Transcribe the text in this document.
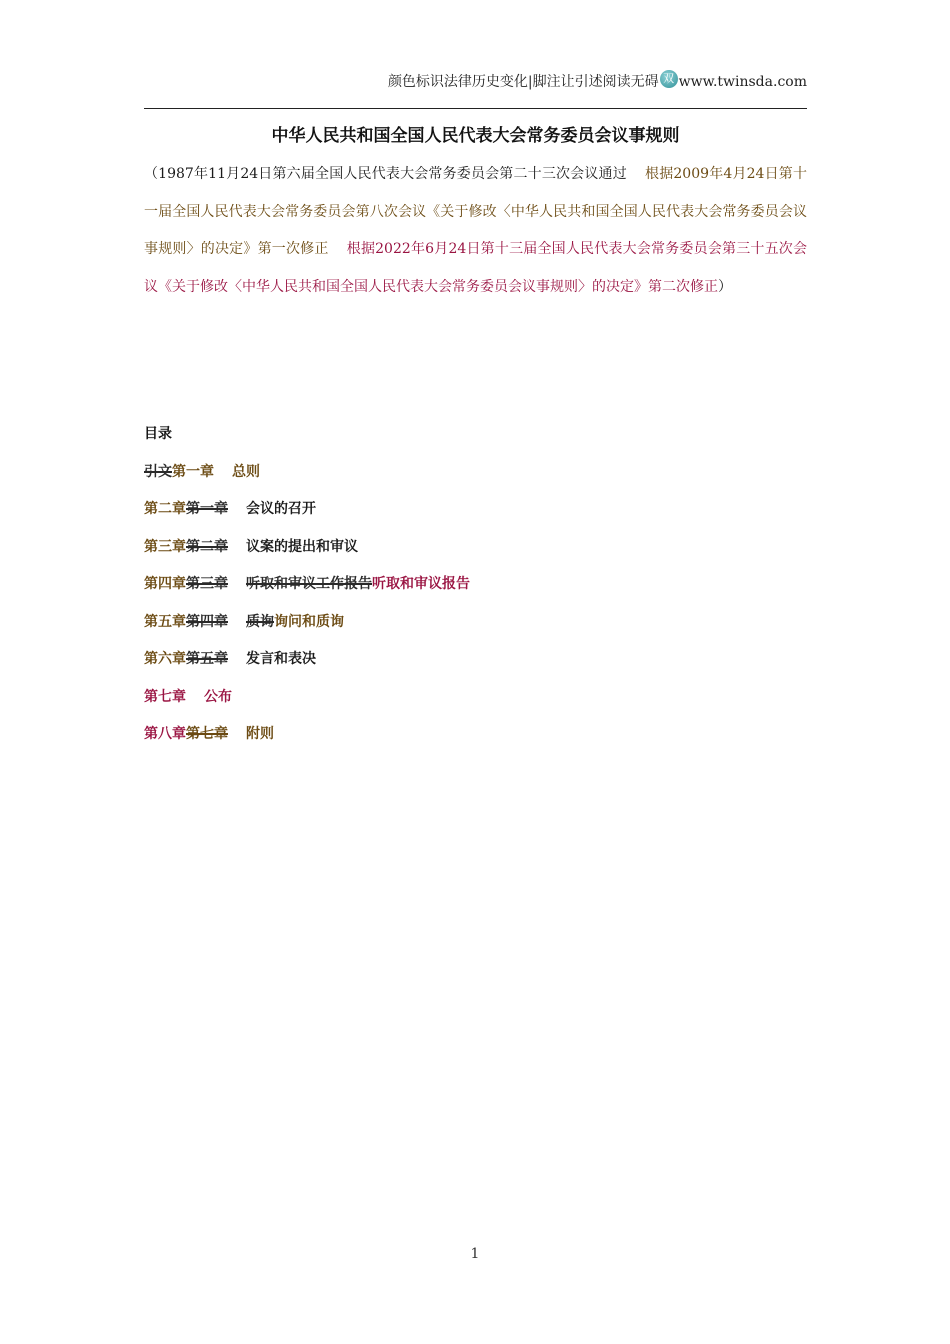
颜色标识法律历史变化|脚注让引述阅读无碍 双 www.twinsda.com
中华人民共和国全国人民代表大会常务委员会议事规则
（1987年11月24日第六届全国人民代表大会常务委员会第二十三次会议通过 根据2009年4月24日第十一届全国人民代表大会常务委员会第八次会议《关于修改〈中华人民共和国全国人民代表大会常务委员会议事规则〉的决定》第一次修正 根据2022年6月24日第十三届全国人民代表大会常务委员会第三十五次会议《关于修改〈中华人民共和国全国人民代表大会常务委员会议事规则〉的决定》第二次修正）
目录
引文第一章 总则
第二章第一章 会议的召开
第三章第二章 议案的提出和审议
第四章第三章 听取和审议工作报告听取和审议报告
第五章第四章 质询询问和质询
第六章第五章 发言和表决
第七章 公布
第八章第七章 附则
1
